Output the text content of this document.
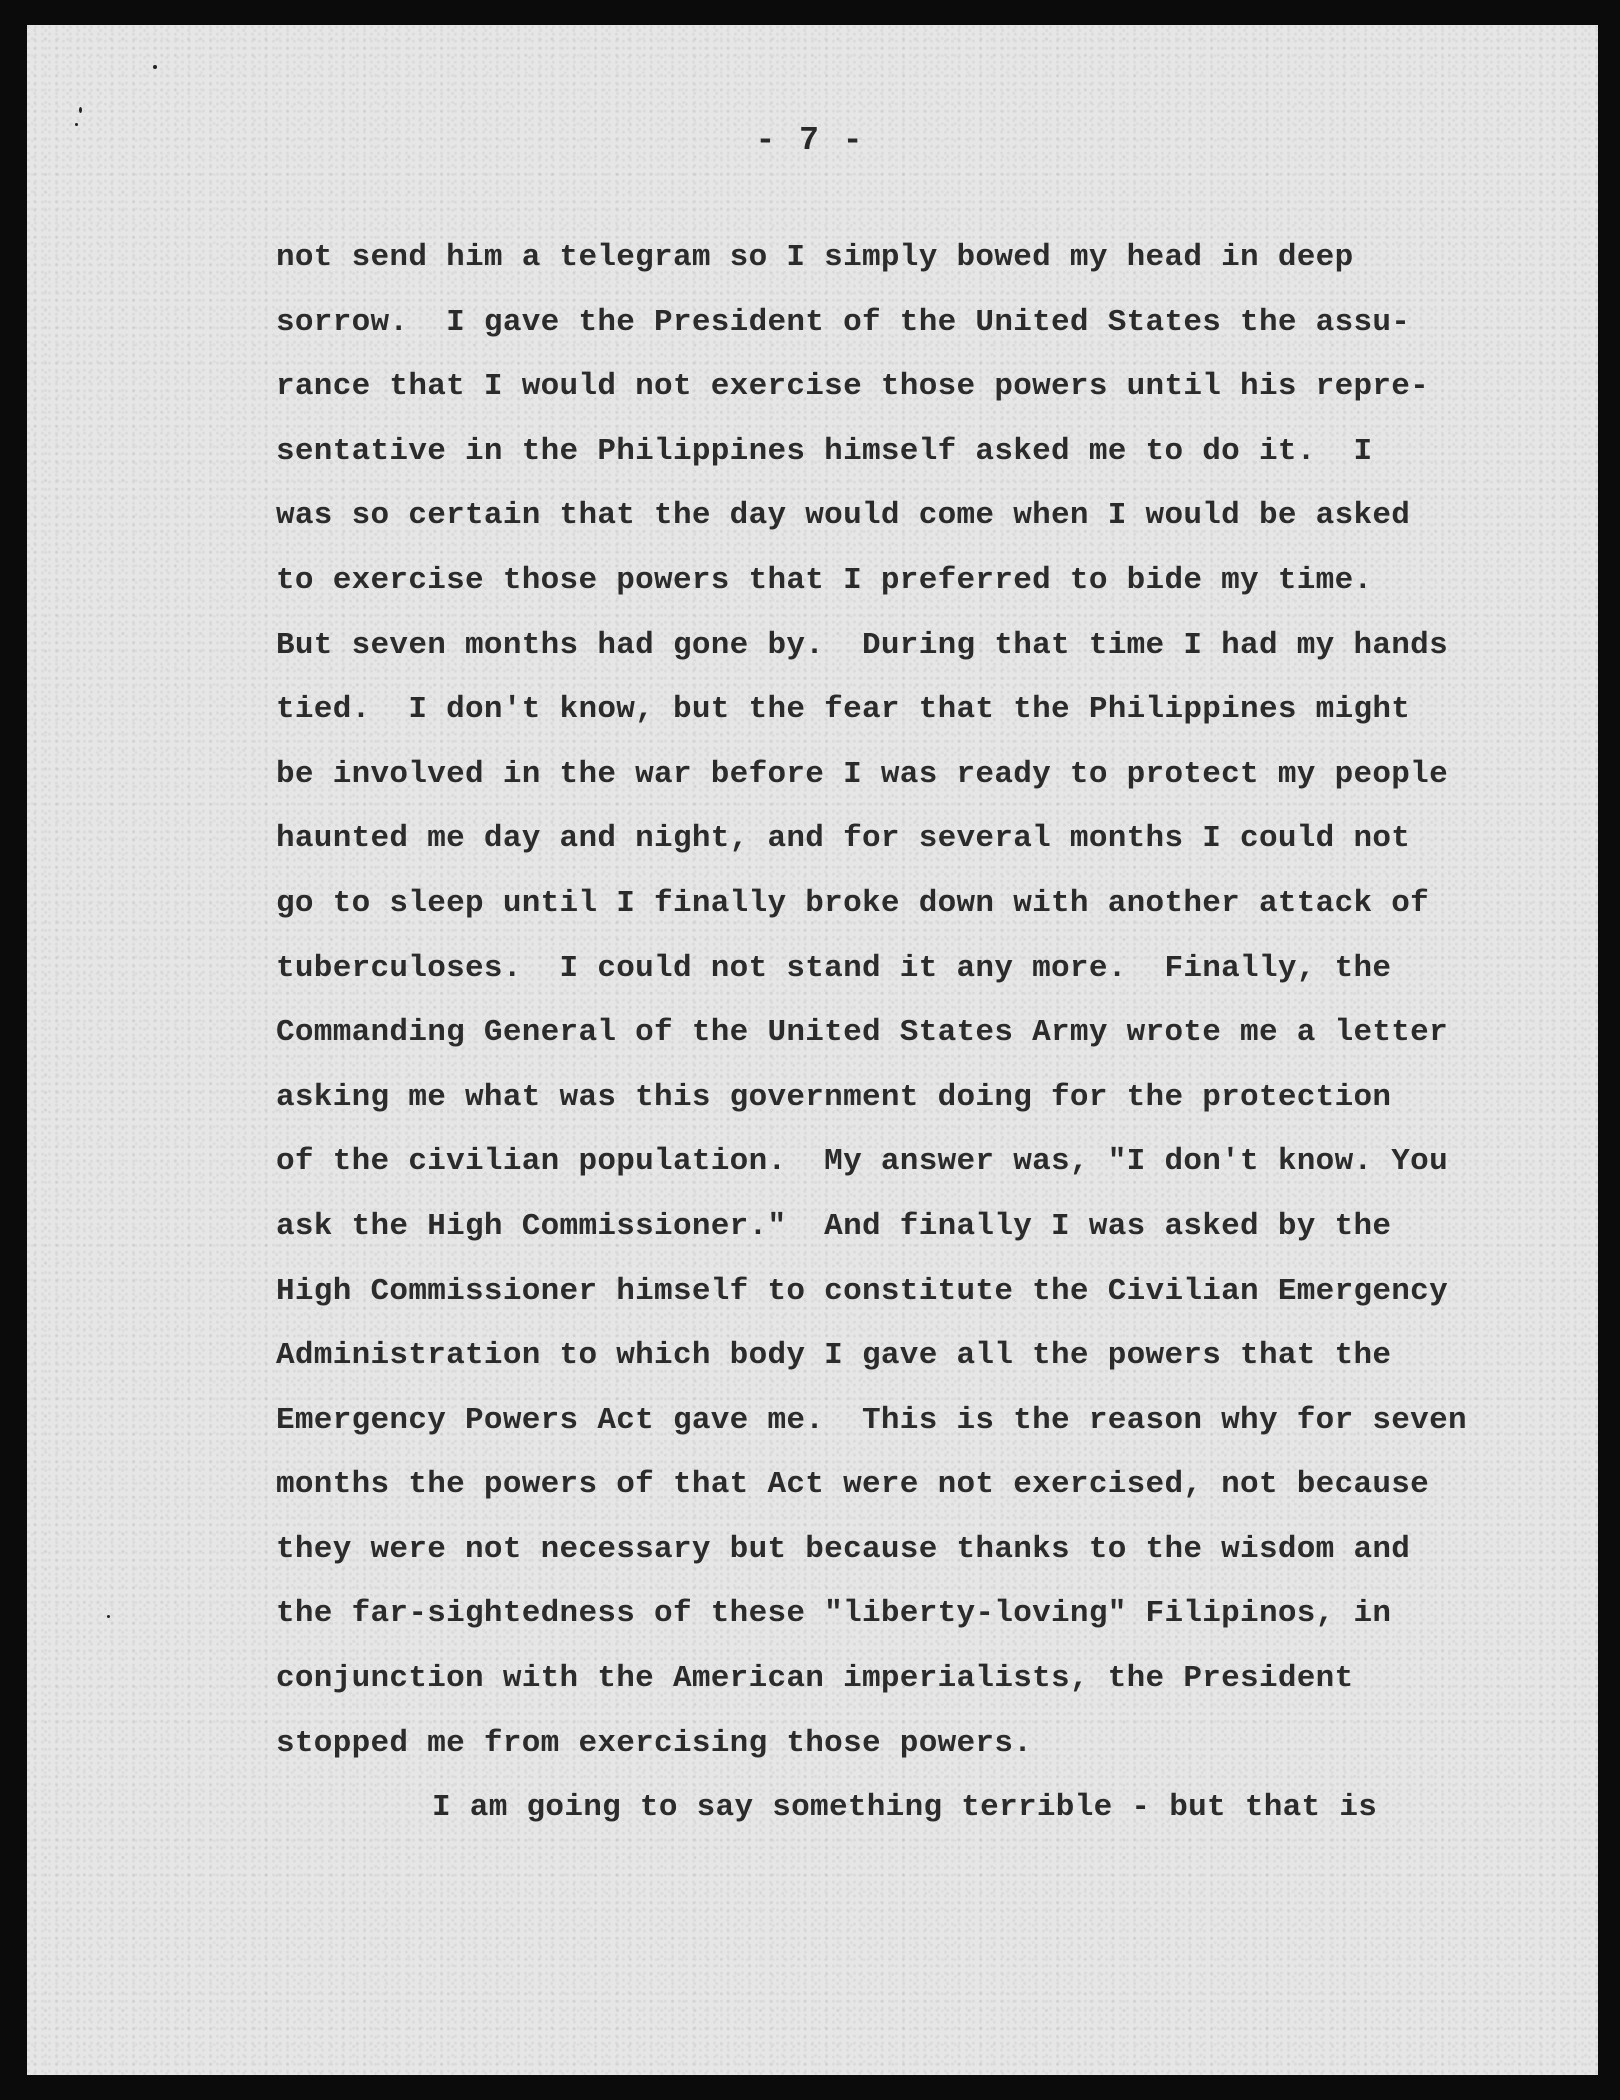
- 7 -
not send him a telegram so I simply bowed my head in deep
sorrow.  I gave the President of the United States the assu-
rance that I would not exercise those powers until his repre-
sentative in the Philippines himself asked me to do it.  I
was so certain that the day would come when I would be asked
to exercise those powers that I preferred to bide my time.
But seven months had gone by.  During that time I had my hands
tied.  I don't know, but the fear that the Philippines might
be involved in the war before I was ready to protect my people
haunted me day and night, and for several months I could not
go to sleep until I finally broke down with another attack of
tuberculoses.  I could not stand it any more.  Finally, the
Commanding General of the United States Army wrote me a letter
asking me what was this government doing for the protection
of the civilian population.  My answer was, "I don't know. You
ask the High Commissioner."  And finally I was asked by the
High Commissioner himself to constitute the Civilian Emergency
Administration to which body I gave all the powers that the
Emergency Powers Act gave me.  This is the reason why for seven
months the powers of that Act were not exercised, not because
they were not necessary but because thanks to the wisdom and
the far-sightedness of these "liberty-loving" Filipinos, in
conjunction with the American imperialists, the President
stopped me from exercising those powers.
I am going to say something terrible - but that is
